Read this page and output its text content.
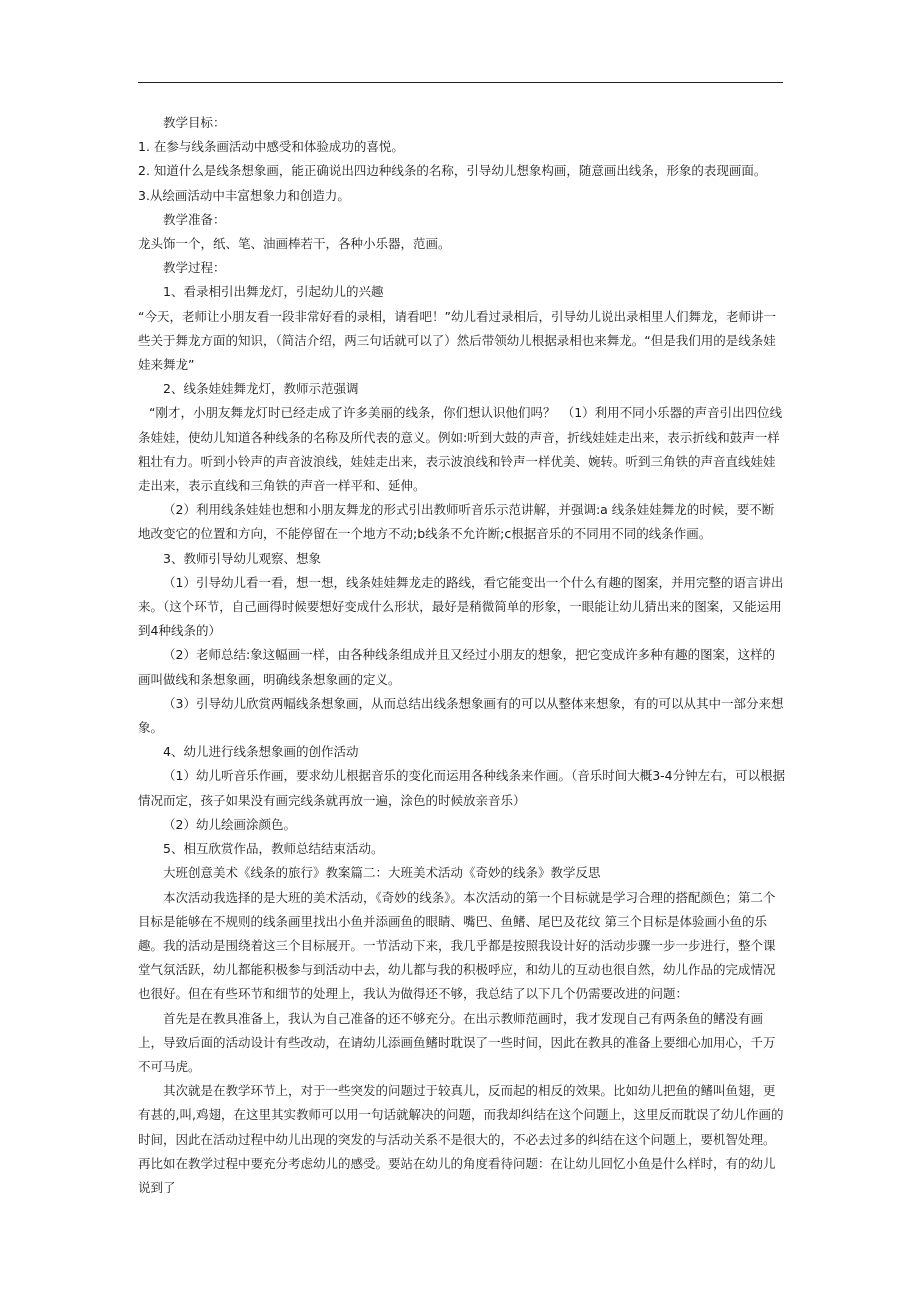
教学目标：

1. 在参与线条画活动中感受和体验成功的喜悦。

2. 知道什么是线条想象画，能正确说出四边种线条的名称，引导幼儿想象构画，随意画出线条，形象的表现画面。

3.从绘画活动中丰富想象力和创造力。

教学准备：

龙头饰一个，纸、笔、油画棒若干，各种小乐器，范画。

教学过程：

1、看录相引出舞龙灯，引起幼儿的兴趣

“今天，老师让小朋友看一段非常好看的录相，请看吧！”幼儿看过录相后，引导幼儿说出录相里人们舞龙，老师讲一些关于舞龙方面的知识，（简洁介绍，两三句话就可以了）然后带领幼儿根据录相也来舞龙。“但是我们用的是线条娃娃来舞龙”

2、线条娃娃舞龙灯，教师示范强调

“刚才，小朋友舞龙灯时已经走成了许多美丽的线条，你们想认识他们吗？　（1）利用不同小乐器的声音引出四位线条娃娃，使幼儿知道各种线条的名称及所代表的意义。例如:听到大鼓的声音，折线娃娃走出来，表示折线和鼓声一样粗壮有力。听到小铃声的声音波浪线，娃娃走出来，表示波浪线和铃声一样优美、婉转。听到三角铁的声音直线娃娃走出来，表示直线和三角铁的声音一样平和、延伸。

（2）利用线条娃娃也想和小朋友舞龙的形式引出教师听音乐示范讲解，并强调:a 线条娃娃舞龙的时候，要不断地改变它的位置和方向，不能停留在一个地方不动;b线条不允许断;c根据音乐的不同用不同的线条作画。

3、教师引导幼儿观察、想象

（1）引导幼儿看一看，想一想，线条娃娃舞龙走的路线，看它能变出一个什么有趣的图案，并用完整的语言讲出来。（这个环节，自己画得时候要想好变成什么形状，最好是稍微简单的形象，一眼能让幼儿猜出来的图案，又能运用到4种线条的）

（2）老师总结:象这幅画一样，由各种线条组成并且又经过小朋友的想象，把它变成许多种有趣的图案，这样的画叫做线和条想象画，明确线条想象画的定义。

（3）引导幼儿欣赏两幅线条想象画，从而总结出线条想象画有的可以从整体来想象，有的可以从其中一部分来想象。

4、幼儿进行线条想象画的创作活动

（1）幼儿听音乐作画，要求幼儿根据音乐的变化而运用各种线条来作画。（音乐时间大概3-4分钟左右，可以根据情况而定，孩子如果没有画完线条就再放一遍，涂色的时候放亲音乐）

（2）幼儿绘画涂颜色。

5、相互欣赏作品，教师总结结束活动。

大班创意美术《线条的旅行》教案篇二：大班美术活动《奇妙的线条》教学反思

本次活动我选择的是大班的美术活动，《奇妙的线条》。本次活动的第一个目标就是学习合理的搭配颜色；第二个目标是能够在不规则的线条画里找出小鱼并添画鱼的眼睛、嘴巴、鱼鳍、尾巴及花纹 第三个目标是体验画小鱼的乐趣。我的活动是围绕着这三个目标展开。一节活动下来，我几乎都是按照我设计好的活动步骤一步一步进行，整个课堂气氛活跃，幼儿都能积极参与到活动中去，幼儿都与我的积极呼应，和幼儿的互动也很自然，幼儿作品的完成情况也很好。但在有些环节和细节的处理上，我认为做得还不够，我总结了以下几个仍需要改进的问题：

首先是在教具准备上，我认为自己准备的还不够充分。在出示教师范画时，我才发现自己有两条鱼的鳍没有画上，导致后面的活动设计有些改动，在请幼儿添画鱼鳍时耽误了一些时间，因此在教具的准备上要细心加用心，千万不可马虎。

其次就是在教学环节上，对于一些突发的问题过于较真儿，反而起的相反的效果。比如幼儿把鱼的鳍叫鱼翅，更有甚的,叫,鸡翅，在这里其实教师可以用一句话就解决的问题，而我却纠结在这个问题上，这里反而耽误了幼儿作画的时间，因此在活动过程中幼儿出现的突发的与活动关系不是很大的，不必去过多的纠结在这个问题上，要机智处理。再比如在教学过程中要充分考虑幼儿的感受。要站在幼儿的角度看待问题：在让幼儿回忆小鱼是什么样时，有的幼儿说到了
